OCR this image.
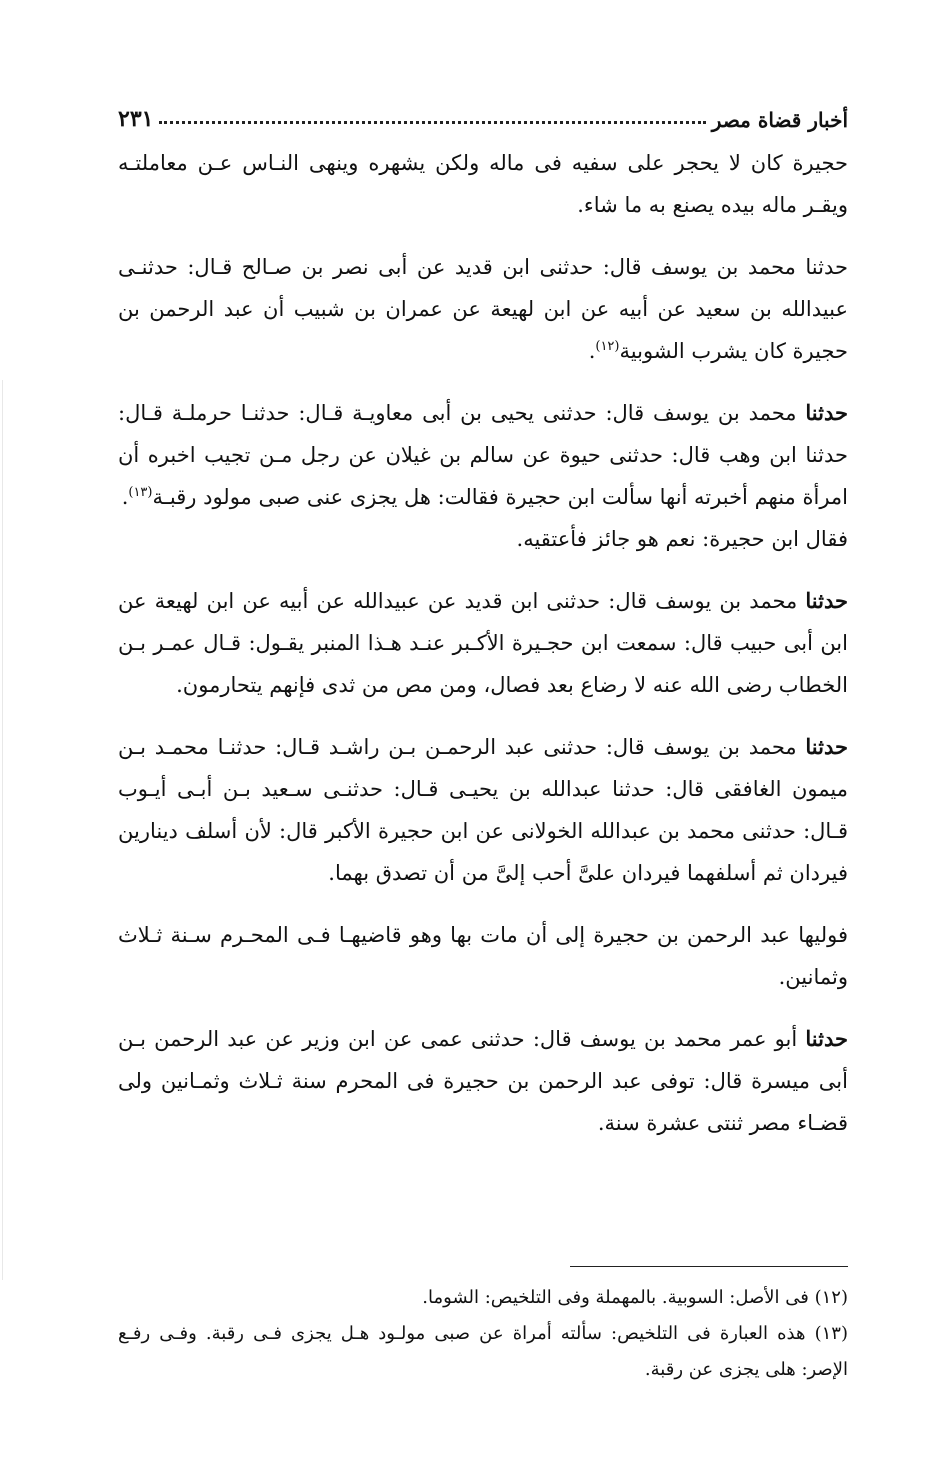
أخبار قضاة مصر
٢٣١

حجيرة كان لا يحجر على سفيه فى ماله ولكن يشهره وينهى النـاس عـن معاملتـه ويقـر ماله بيده يصنع به ما شاء.

حدثنا محمد بن يوسف قال: حدثنى ابن قديد عن أبى نصر بن صـالح قـال: حدثنـى عبيدالله بن سعيد عن أبيه عن ابن لهيعة عن عمران بن شبيب أن عبد الرحمن بن حجيرة كان يشرب الشوبية$^{(١٢)}$.

حدثنا محمد بن يوسف قال: حدثنى يحيى بن أبى معاويـة قـال: حدثنـا حرملـة قـال: حدثنا ابن وهب قال: حدثنى حيوة عن سالم بن غيلان عن رجل مـن تجيب اخبره أن امرأة منهم أخبرته أنها سألت ابن حجيرة فقالت: هل يجزى عنى صبى مولود رقبـة$^{(١٣)}$.

فقال ابن حجيرة: نعم هو جائز فأعتقيه.

حدثنا محمد بن يوسف قال: حدثنى ابن قديد عن عبيدالله عن أبيه عن ابن لهيعة عن ابن أبى حبيب قال: سمعت ابن حجـيرة الأكـبر عنـد هـذا المنبر يقـول: قـال عمـر بـن الخطاب رضى الله عنه لا رضاع بعد فصال، ومن مص من ثدى فإنهم يتحارمون.

حدثنا محمد بن يوسف قال: حدثنى عبد الرحمـن بـن راشـد قـال: حدثنـا محمـد بـن ميمون الغافقى قال: حدثنا عبدالله بن يحيـى قـال: حدثنـى سـعيد بـن أبـى أيـوب قـال: حدثنى محمد بن عبدالله الخولانى عن ابن حجيرة الأكبر قال: لأن أسلف دينارين فيردان ثم أسلفهما فيردان علىَّ أحب إلىَّ من أن تصدق بهما.

فوليها عبد الرحمن بن حجيرة إلى أن مات بها وهو قاضيهـا فـى المحـرم سـنة ثـلاث وثمانين.

حدثنا أبو عمر محمد بن يوسف قال: حدثنى عمى عن ابن وزير عن عبد الرحمن بـن أبى ميسرة قال: توفى عبد الرحمن بن حجيرة فى المحرم سنة ثـلاث وثمـانين ولى قضـاء مصر ثنتى عشرة سنة.

(١٢) فى الأصل: السوبية. بالمهملة وفى التلخيص: الشوما.

(١٣) هذه العبارة فى التلخيص: سألته أمراة عن صبى مولـود هـل يجزى فـى رقبة. وفـى رفـع الإصر: هلى يجزى عن رقبة.
